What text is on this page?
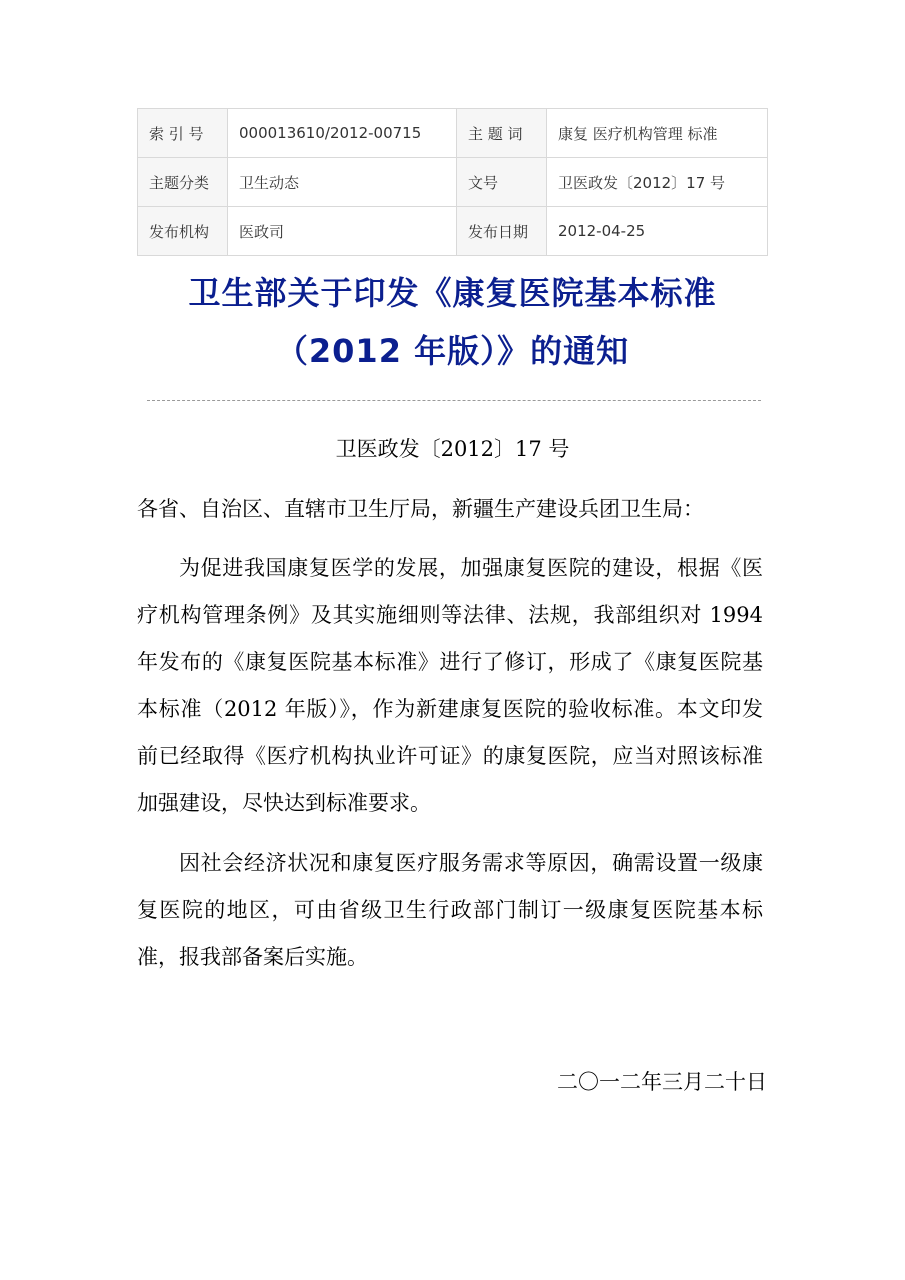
索 引 号	000013610/2012-00715	主 题 词	康复 医疗机构管理 标准
主题分类	卫生动态	文号	卫医政发〔2012〕17 号
发布机构	医政司	发布日期	2012-04-25
卫生部关于印发《康复医院基本标准
（2012 年版）》的通知

卫医政发〔2012〕17 号

各省、自治区、直辖市卫生厅局，新疆生产建设兵团卫生局：

为促进我国康复医学的发展，加强康复医院的建设，根据《医疗机构管理条例》及其实施细则等法律、法规，我部组织对 1994 年发布的《康复医院基本标准》进行了修订，形成了《康复医院基本标准（2012 年版）》，作为新建康复医院的验收标准。本文印发前已经取得《医疗机构执业许可证》的康复医院，应当对照该标准加强建设，尽快达到标准要求。

因社会经济状况和康复医疗服务需求等原因，确需设置一级康复医院的地区，可由省级卫生行政部门制订一级康复医院基本标准，报我部备案后实施。

二〇一二年三月二十日
